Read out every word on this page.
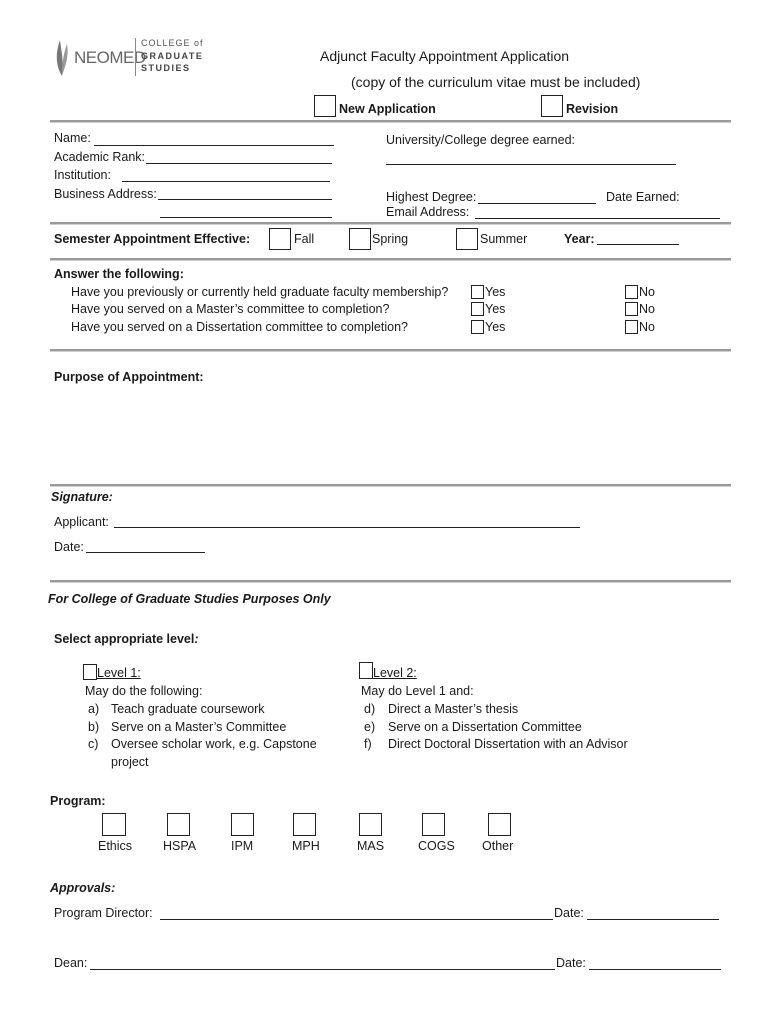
NEOMED
COLLEGE of
GRADUATE
STUDIES
Adjunct Faculty Appointment Application
(copy of the curriculum vitae must be included)
New Application	Revision
Name:
Academic Rank:
Institution:
Business Address:
University/College degree earned:
Highest Degree:	Date Earned:
Email Address:
Semester Appointment Effective:	Fall	Spring	Summer	Year:
Answer the following:
Have you previously or currently held graduate faculty membership?	Yes	No
Have you served on a Master’s committee to completion?	Yes	No
Have you served on a Dissertation committee to completion?	Yes	No
Purpose of Appointment:
Signature:
Applicant:
Date:
For College of Graduate Studies Purposes Only
Select appropriate level:
Level 1:
May do the following:
a) Teach graduate coursework
b) Serve on a Master’s Committee
c) Oversee scholar work, e.g. Capstone
project
Level 2:
May do Level 1 and:
d) Direct a Master’s thesis
e) Serve on a Dissertation Committee
f) Direct Doctoral Dissertation with an Advisor
Program:
Ethics HSPA	IPM	MPH	MAS	COGS Other
Approvals:
Program Director:	Date:
Dean:	Date:
